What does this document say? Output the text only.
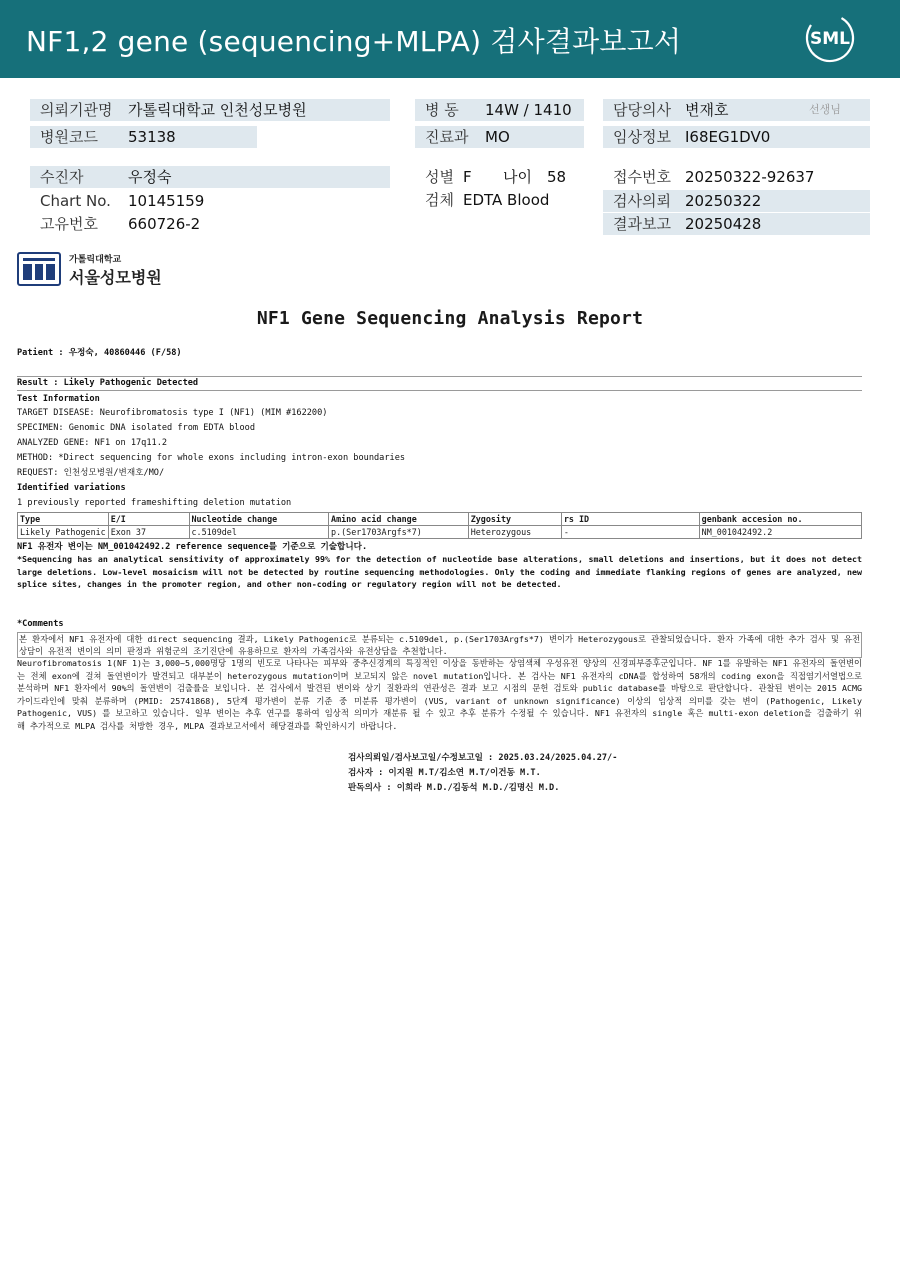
NF1,2 gene (sequencing+MLPA) 검사결과보고서	SML
의뢰기관명 가톨릭대학교 인천성모병원
병원코드 53138
병 동 14W / 1410
진료과 MO
담당의사 변재호	선생님
임상정보 I68EG1DV0
수진자	우정숙
Chart No. 10145159
고유번호 660726-2
성별 F 나이 58
검체 EDTA Blood
접수번호 20250322-92637
검사의뢰 20250322
결과보고 20250428
가톨릭대학교
서울성모병원
NF1 Gene Sequencing Analysis Report
Patient : 우정숙, 40860446 (F/58)
Result : Likely Pathogenic Detected
Test Information
TARGET DISEASE: Neurofibromatosis type I (NF1) (MIM #162200)
SPECIMEN: Genomic DNA isolated from EDTA blood
ANALYZED GENE: NF1 on 17q11.2
METHOD: *Direct sequencing for whole exons including intron-exon boundaries
REQUEST: 인천성모병원/변재호/MO/
Identified variations
1 previously reported frameshifting deletion mutation
Type	E/I	Nucleotide change	Amino acid change	Zygosity	rs ID	genbank accesion no.
Likely Pathogenic	Exon 37	c.5109del	p.(Ser1703Argfs*7)	Heterozygous	-	NM_001042492.2
NF1 유전자 변이는 NM_001042492.2 reference sequence를 기준으로 기술합니다.
*Sequencing has an analytical sensitivity of approximately 99% for the detection of nucleotide base alterations, small deletions and insertions, but it does not detect large deletions. Low-level mosaicism will not be detected by routine sequencing methodologies. Only the coding and immediate flanking regions of genes are analyzed, new splice sites, changes in the promoter region, and other non-coding or regulatory region will not be detected.
*Comments
본 환자에서 NF1 유전자에 대한 direct sequencing 결과, Likely Pathogenic로 분류되는 c.5109del, p.(Ser1703Argfs*7) 변이가 Heterozygous로 관찰되었습니다. 환자 가족에 대한 추가 검사 및 유전상담이 유전적 변이의 의미 판정과 위험군의 조기진단에 유용하므로 환자의 가족검사와 유전상담을 추천합니다.
Neurofibromatosis 1(NF 1)는 3,000~5,000명당 1명의 빈도로 나타나는 피부와 중추신경계의 특징적인 이상을 동반하는 상염색체 우성유전 양상의 신경피부증후군입니다. NF 1를 유발하는 NF1 유전자의 돌연변이는 전체 exon에 걸쳐 돌연변이가 발견되고 대부분이 heterozygous mutation이며 보고되지 않은 novel mutation입니다. 본 검사는 NF1 유전자의 cDNA를 합성하여 58개의 coding exon을 직접염기서열법으로 분석하며 NF1 환자에서 90%의 돌연변이 검출률을 보입니다. 본 검사에서 발견된 변이와 상기 질환과의 연관성은 결과 보고 시점의 문헌 검토와 public database를 바탕으로 판단합니다. 관찰된 변이는 2015 ACMG 가이드라인에 맞춰 분류하며 (PMID: 25741868), 5단계 평가변이 분류 기준 중 미분류 평가변이 (VUS, variant of unknown significance) 이상의 임상적 의미를 갖는 변이 (Pathogenic, Likely Pathogenic, VUS) 를 보고하고 있습니다. 일부 변이는 추후 연구를 통하여 임상적 의미가 재분류 될 수 있고 추후 분류가 수정될 수 있습니다. NF1 유전자의 single 혹은 multi-exon deletion을 검출하기 위해 추가적으로 MLPA 검사를 처방한 경우, MLPA 결과보고서에서 해당결과를 확인하시기 바랍니다.
검사의뢰일/검사보고일/수정보고일 : 2025.03.24/2025.04.27/-
검사자 : 이지원 M.T/김소연 M.T/이건동 M.T.
판독의사 : 이희라 M.D./김동석 M.D./김명신 M.D.
